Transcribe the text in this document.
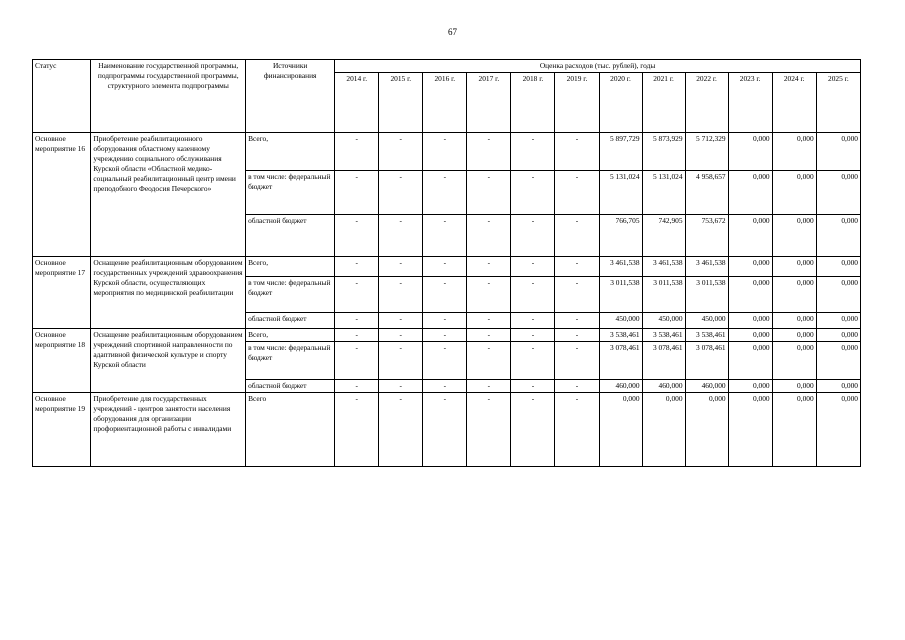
67
Статус	Наименование государственной программы, подпрограммы государственной программы, структурного элемента подпрограммы	Источники финансирования	Оценка расходов (тыс. рублей), годы											
			2014 г.	2015 г.	2016 г.	2017 г.	2018 г.	2019 г.	2020 г.	2021 г.	2022 г.	2023 г.	2024 г.	2025 г.
Основное мероприятие 16	Приобретение реабилитационного оборудования областному казенному учреждению социального обслуживания Курской области «Областной медико-социальный реабилитационный центр имени преподобного Феодосия Печерского»	Всего,	-	-	-	-	-	-	5 897,729	5 873,929	5 712,329	0,000	0,000	0,000
		в том числе: федеральный бюджет	-	-	-	-	-	-	5 131,024	5 131,024	4 958,657	0,000	0,000	0,000
		областной бюджет	-	-	-	-	-	-	766,705	742,905	753,672	0,000	0,000	0,000
Основное мероприятие 17	Оснащение реабилитационным оборудованием государственных учреждений здравоохранения Курской области, осуществляющих мероприятия по медицинской реабилитации	Всего,	-	-	-	-	-	-	3 461,538	3 461,538	3 461,538	0,000	0,000	0,000
		в том числе: федеральный бюджет	-	-	-	-	-	-	3 011,538	3 011,538	3 011,538	0,000	0,000	0,000
		областной бюджет	-	-	-	-	-	-	450,000	450,000	450,000	0,000	0,000	0,000
Основное мероприятие 18	Оснащение реабилитационным оборудованием учреждений спортивной направленности по адаптивной физической культуре и спорту Курской области	Всего,	-	-	-	-	-	-	3 538,461	3 538,461	3 538,461	0,000	0,000	0,000
		в том числе: федеральный бюджет	-	-	-	-	-	-	3 078,461	3 078,461	3 078,461	0,000	0,000	0,000
		областной бюджет	-	-	-	-	-	-	460,000	460,000	460,000	0,000	0,000	0,000
Основное мероприятие 19	Приобретение для государственных учреждений - центров занятости населения оборудования для организации профориентационной работы с инвалидами	Всего	-	-	-	-	-	-	0,000	0,000	0,000	0,000	0,000	0,000
